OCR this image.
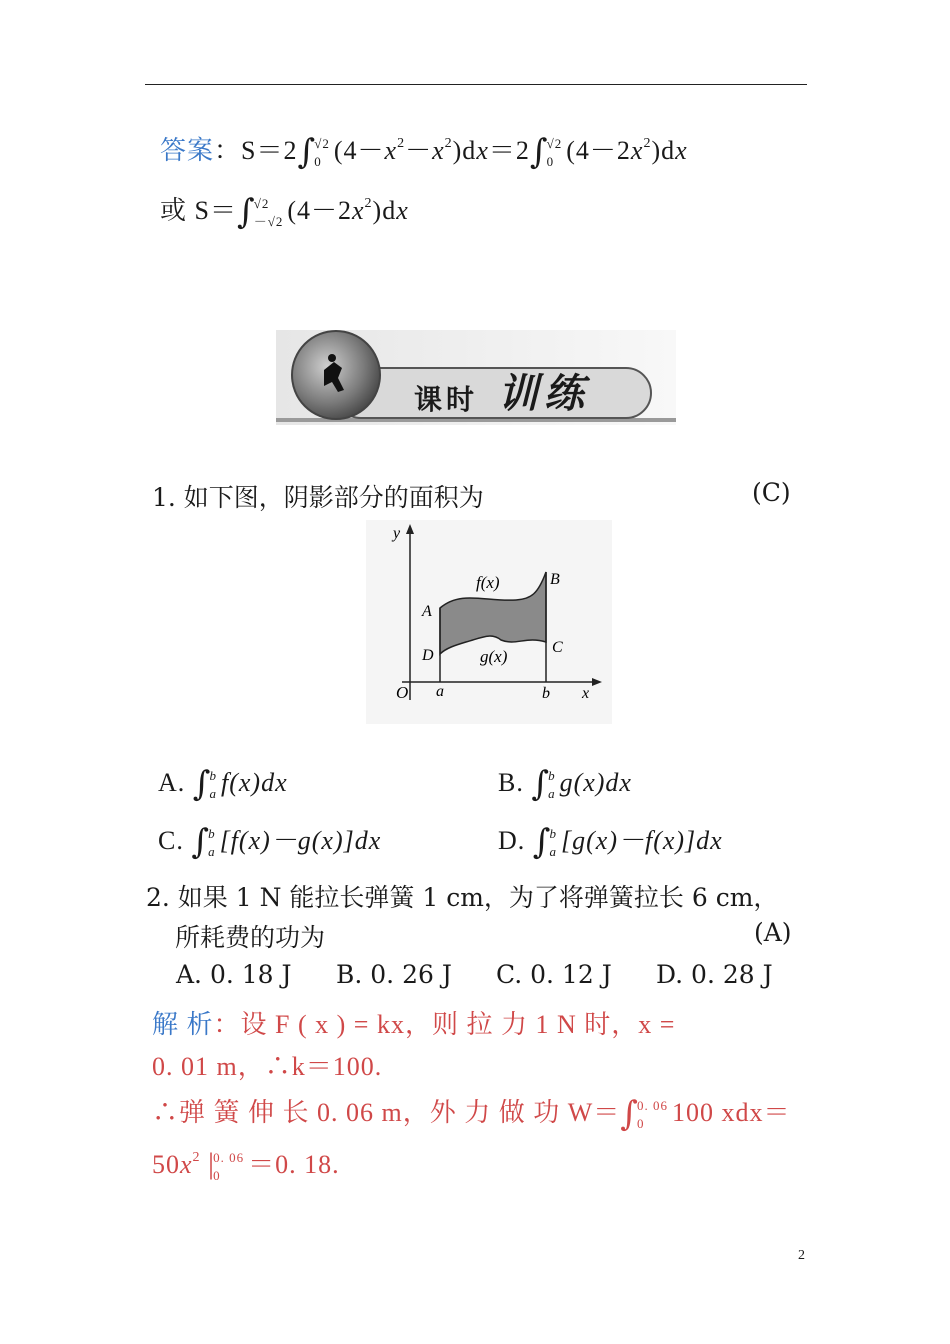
答案：S＝2∫
√2
0 $(4-x^2-x^2)dx=2\int$
√2
0 $(4-2x^2)dx$
或 S＝∫
√2
－√2 $(4-2x^2)dx$
课时 训练
1. 如下图，阴影部分的面积为	(C)
y
x
O a	b
A
B
C
D
f(x)
g(x)
A. ∫
b
a f(x)dx	B. ∫
b
a g(x)dx
C. ∫
b
a [f(x)－g(x)]dx	D. ∫
b
a [g(x)－f(x)]dx
2. 如果 1 N 能拉长弹簧 1 cm，为了将弹簧拉长 6 cm，
所耗费的功为	(A)
A. 0. 18 J B. 0. 26 J C. 0. 12 J D. 0. 28 J
解 析：设 F ( x ) = kx，则 拉 力 1 N 时，x =
0. 01 m，∴k＝100.
∴弹 簧 伸 长 0. 06 m，外 力 做 功 W＝∫
0. 06
0	100 xdx＝
$50x^2$ |
0. 06
0	＝0. 18.
2
